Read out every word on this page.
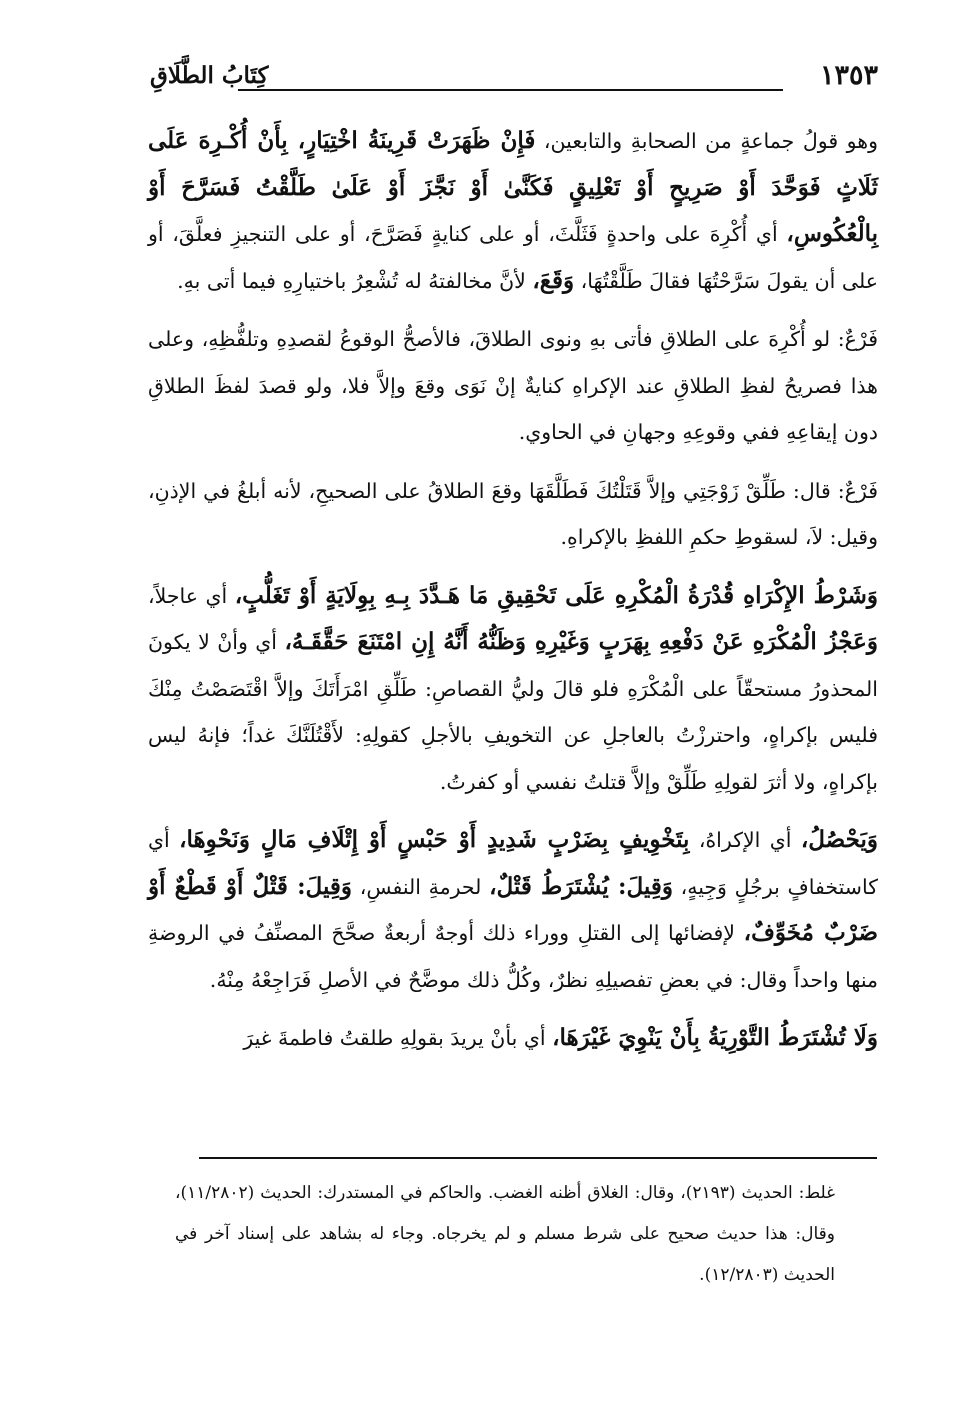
١٣٥٣
كِتَابُ الطَّلَاقِ

وهو قولُ جماعةٍ من الصحابةِ والتابعين، فَإِنْ ظَهَرَتْ قَرِينَةُ اخْتِيَارٍ، بِأَنْ أُكْـرِهَ عَلَى ثَلَاثٍ فَوَحَّدَ أَوْ صَرِيحٍ أَوْ تَعْلِيقٍ فَكَنَّىٰ أَوْ نَجَّزَ أَوْ عَلَىٰ طَلَّقْتُ فَسَرَّحَ أَوْ بِالْعُكُوسِ، أي أُكْرِهَ على واحدةٍ فَثَلَّثَ، أو على كنايةٍ فَصَرَّحَ، أو على التنجيزِ فعلَّقَ، أو على أن يقولَ سَرَّحْتُهَا فقالَ طَلَّقْتُهَا، وَقَعَ، لأنَّ مخالفتهُ له تُشْعِرُ باختيارِهِ فيما أتى بهِ.

فَرْعٌ: لو أُكْرِهَ على الطلاقِ فأتى بهِ ونوى الطلاقَ، فالأصحُّ الوقوعُ لقصدِهِ وتلفُّظِهِ، وعلى هذا فصريحُ لفظِ الطلاقِ عند الإكراهِ كنايةٌ إنْ نَوَى وقعَ وإلاَّ فلا، ولو قصدَ لفظَ الطلاقِ دون إيقاعِهِ ففي وقوعِهِ وجهانِ في الحاوي.

فَرْعٌ: قال: طَلِّقْ زَوْجَتِي وإلاَّ قَتَلْتُكَ فَطَلَّقَهَا وقعَ الطلاقُ على الصحيحِ، لأنه أبلغُ في الإذنِ، وقيل: لاَ، لسقوطِ حكمِ اللفظِ بالإكراهِ.

وَشَرْطُ الإِكْرَاهِ قُدْرَةُ الْمُكْرِهِ عَلَى تَحْقِيقِ مَا هَـدَّدَ بِـهِ بِوِلَايَةٍ أَوْ تَغَلُّبٍ، أي عاجلاً، وَعَجْزُ الْمُكْرَهِ عَنْ دَفْعِهِ بِهَرَبٍ وَغَيْرِهِ وَظَنُّهُ أَنَّهُ إِنِ امْتَنَعَ حَقَّقَـهُ، أي وأنْ لا يكونَ المحذورُ مستحقّاً على الْمُكْرَهِ فلو قالَ وليُّ القصاصِ: طَلِّقِ امْرَأَتَكَ وإلاَّ اقْتَصَصْتُ مِنْكَ فليس بإكراهٍ، واحترزْتُ بالعاجلِ عن التخويفِ بالأجلِ كقولِهِ: لأَقْتُلَنَّكَ غداً؛ فإنهُ ليس بإكراهٍ، ولا أثرَ لقولِهِ طَلِّقْ وإلاَّ قتلتُ نفسي أو كفرتُ.

وَيَحْصُلُ، أي الإكراهُ، بِتَخْوِيفٍ بِضَرْبٍ شَدِيدٍ أَوْ حَبْسٍ أَوْ إِتْلَافِ مَالٍ وَنَحْوِهَا، أي كاستخفافٍ برجُلٍ وَجِيهٍ، وَقِيلَ: يُشْتَرَطُ قَتْلٌ، لحرمةِ النفسِ، وَقِيلَ: قَتْلٌ أَوْ قَطْعٌ أَوْ ضَرْبٌ مُخَوِّفٌ، لإفضائها إلى القتلِ ووراء ذلك أوجهٌ أربعةٌ صحَّحَ المصنِّفُ في الروضةِ منها واحداً وقال: في بعضِ تفصيلِهِ نظرٌ، وكُلُّ ذلك موضَّحٌ في الأصلِ فَرَاجِعْهُ مِنْهُ.

وَلَا تُشْتَرَطُ التَّوْرِيَةُ بِأَنْ يَنْوِيَ غَيْرَهَا، أي بأنْ يريدَ بقولِهِ طلقتُ فاطمةَ غيرَ

غلط: الحديث (٢١٩٣)، وقال: الغلاق أظنه الغضب. والحاكم في المستدرك: الحديث (١١/٢٨٠٢)، وقال: هذا حديث صحيح على شرط مسلم و لم يخرجاه. وجاء له بشاهد على إسناد آخر في الحديث (١٢/٢٨٠٣).
